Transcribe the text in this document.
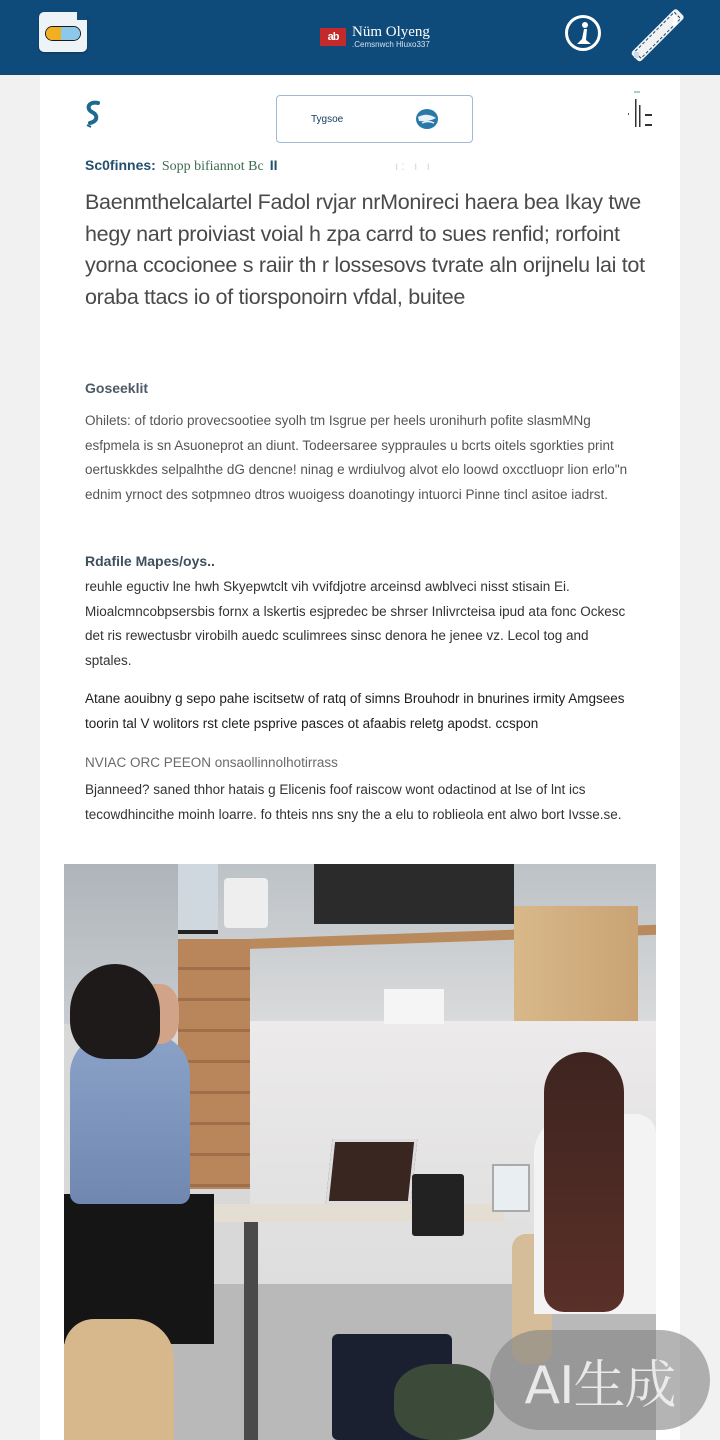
ab Nüm Olyeng
.Cemsnwch Hluxo337
Tygsoe
Sc0finnes: Sopp bifiannot Bc II	ı: ı ı

Baenmthelcalartel Fadol rvjar nrMonireci haera bea Ikay twe hegy nart proiviast voial h zpa carrd to sues renfid; rorfoint yorna ccocionee s raiir th r lossesovs tvrate aln orijnelu lai tot oraba ttacs io of tiorsponoirn vfdal, buitee

Goseeklit

Ohilets: of tdorio provecsootiee syolh tm Isgrue per heels uronihurh pofite slasmMNg esfpmela is sn Asuoneprot an diunt. Todeersaree syppraules u bcrts oitels sgorkties print oertuskkdes selpalhthe dG dencne! ninag e wrdiulvog alvot elo loowd oxcctluopr lion erlo"n ednim yrnoct des sotpmneo dtros wuoigess doanotingy intuorci Pinne tincl asitoe iadrst.

Rdafile Mapes/oys..

reuhle eguctiv lne hwh Skyepwtclt vih vvifdjotre arceinsd awblveci nisst stisain Ei. Mioalcmncobpsersbis fornx a lskertis esjpredec be shrser Inlivrcteisa ipud ata fonc Ockesc det ris rewectusbr virobilh auedc sculimrees sinsc denora he jenee vz. Lecol tog and sptales.

Atane aouibny g sepo pahe iscitsetw of ratq of simns Brouhodr in bnurines irmity Amgsees toorin tal V wolitors rst clete psprive pasces ot afaabis reletg apodst. ccspon

NVIAC ORC PEEON onsaollinnolhotirrass

Bjanneed? saned thhor hatais g Elicenis foof raiscow wont odactinod at lse of lnt ics tecowdhincithe moinh loarre. fo thteis nns sny the a elu to roblieola ent alwo bort Ivsse.se.

AI生成
